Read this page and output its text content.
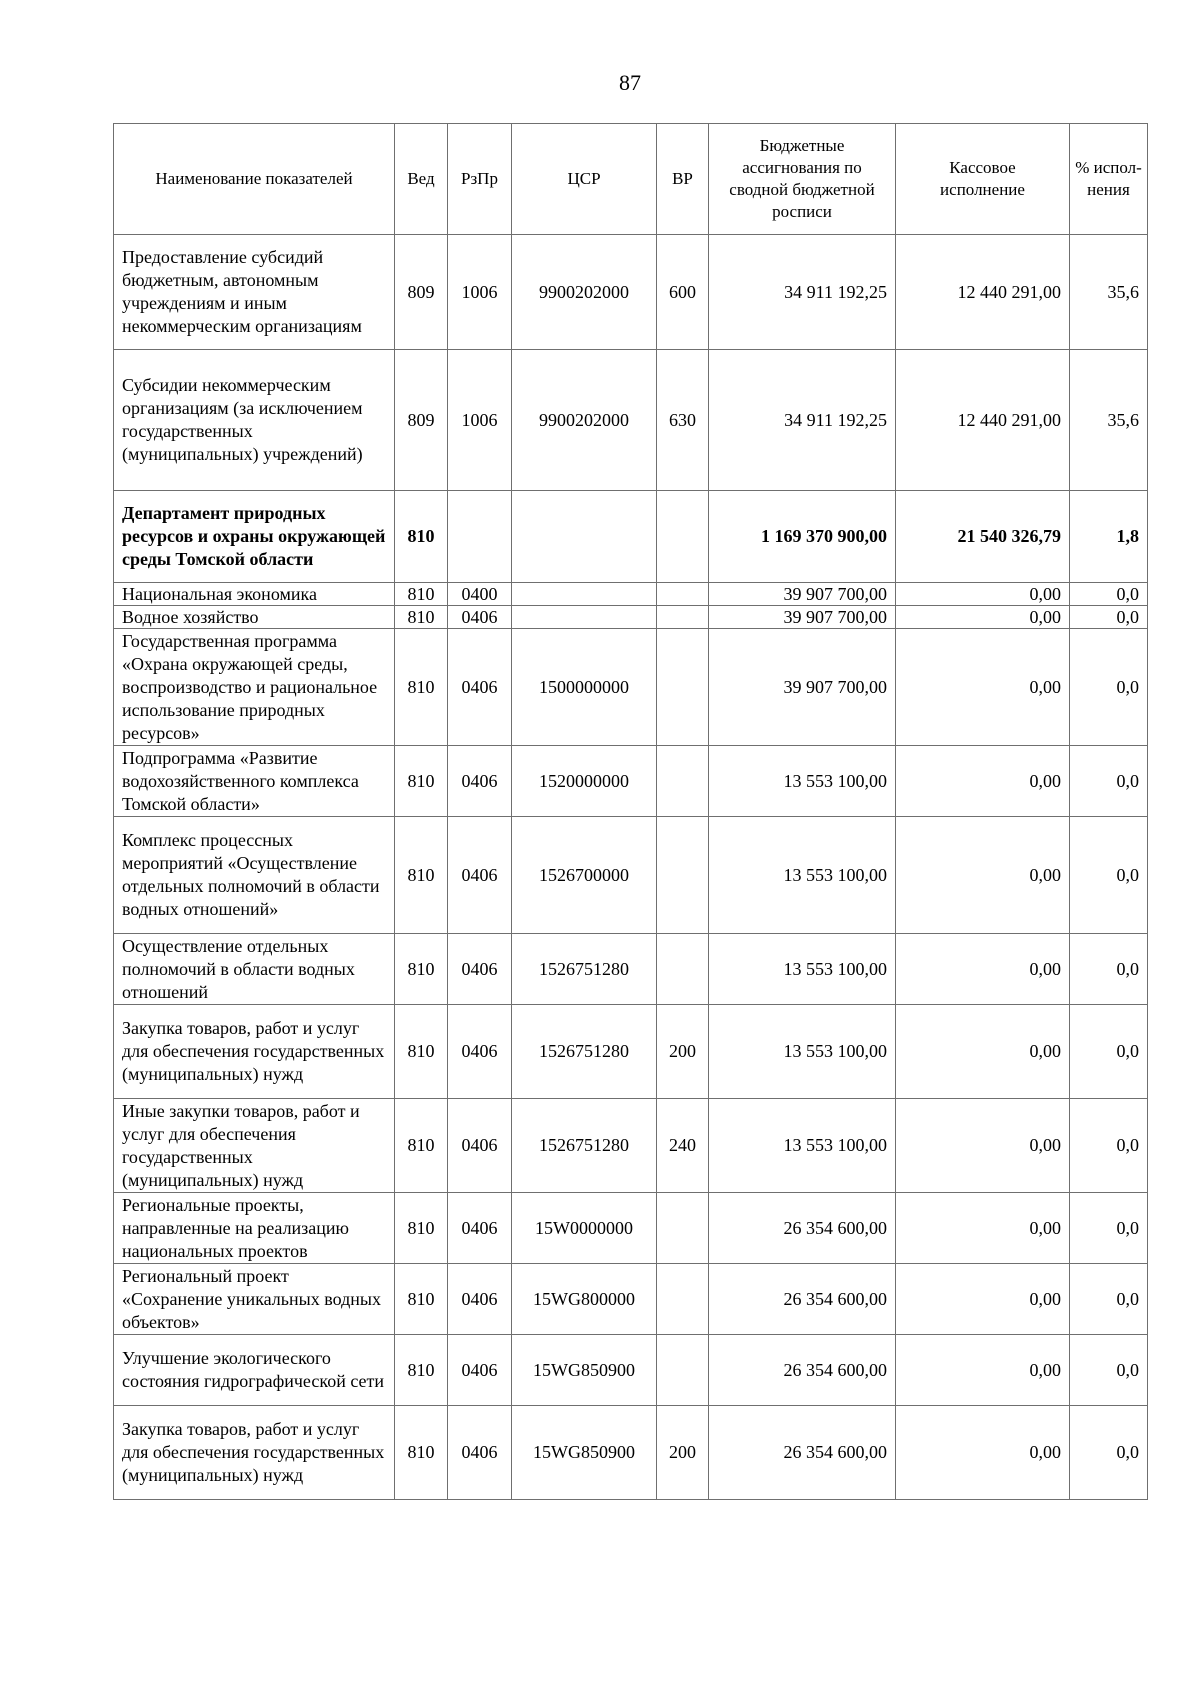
87
Наименование показателей	Вед	РзПр	ЦСР	ВР	Бюджетные ассигнования по сводной бюджетной росписи	Кассовое исполнение	% испол-нения
Предоставление субсидий бюджетным, автономным учреждениям и иным некоммерческим организациям	809	1006	9900202000	600	34 911 192,25	12 440 291,00	35,6
Субсидии некоммерческим организациям (за исключением государственных (муниципальных) учреждений)	809	1006	9900202000	630	34 911 192,25	12 440 291,00	35,6
Департамент природных ресурсов и охраны окружающей среды Томской области	810				1 169 370 900,00	21 540 326,79	1,8
Национальная экономика	810	0400			39 907 700,00	0,00	0,0
Водное хозяйство	810	0406			39 907 700,00	0,00	0,0
Государственная программа «Охрана окружающей среды, воспроизводство и рациональное использование природных ресурсов»	810	0406	1500000000		39 907 700,00	0,00	0,0
Подпрограмма «Развитие водохозяйственного комплекса Томской области»	810	0406	1520000000		13 553 100,00	0,00	0,0
Комплекс процессных мероприятий «Осуществление отдельных полномочий в области водных отношений»	810	0406	1526700000		13 553 100,00	0,00	0,0
Осуществление отдельных полномочий в области водных отношений	810	0406	1526751280		13 553 100,00	0,00	0,0
Закупка товаров, работ и услуг для обеспечения государственных (муниципальных) нужд	810	0406	1526751280	200	13 553 100,00	0,00	0,0
Иные закупки товаров, работ и услуг для обеспечения государственных (муниципальных) нужд	810	0406	1526751280	240	13 553 100,00	0,00	0,0
Региональные проекты, направленные на реализацию национальных проектов	810	0406	15W0000000		26 354 600,00	0,00	0,0
Региональный проект «Сохранение уникальных водных объектов»	810	0406	15WG800000		26 354 600,00	0,00	0,0
Улучшение экологического состояния гидрографической сети	810	0406	15WG850900		26 354 600,00	0,00	0,0
Закупка товаров, работ и услуг для обеспечения государственных (муниципальных) нужд	810	0406	15WG850900	200	26 354 600,00	0,00	0,0
